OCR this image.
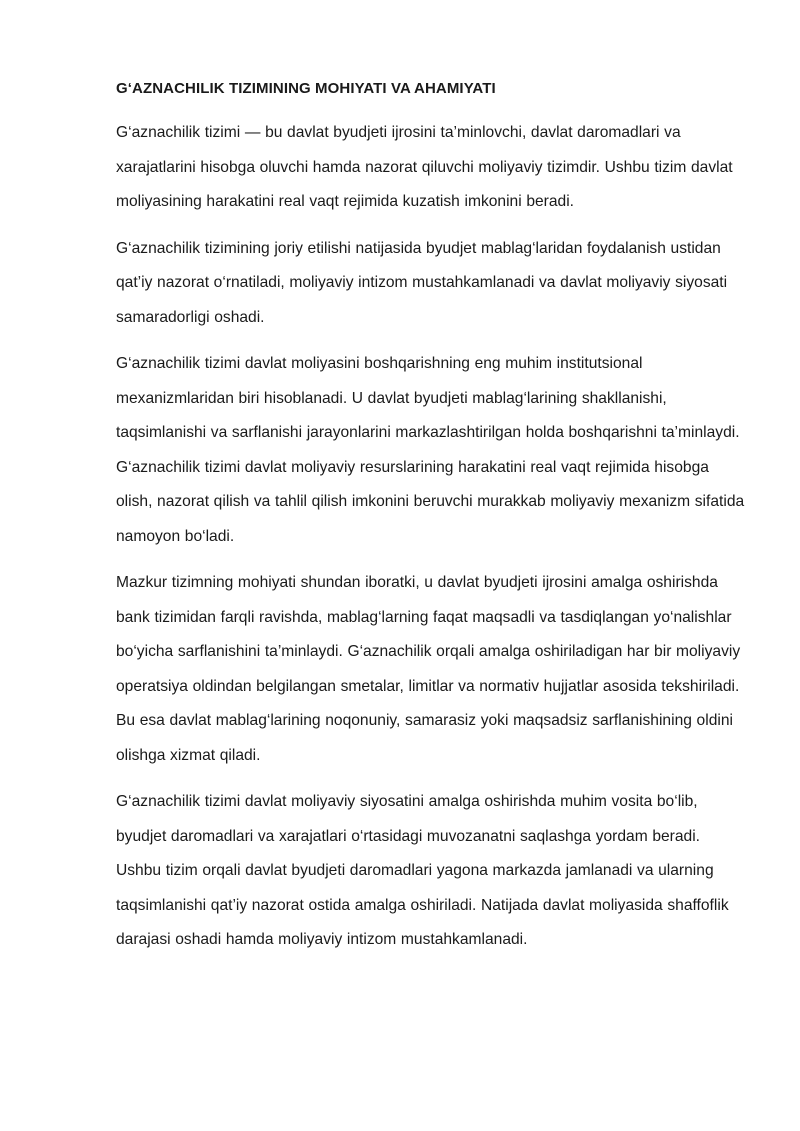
G‘AZNACHILIK TIZIMINING MOHIYATI VA AHAMIYATI

G‘aznachilik tizimi — bu davlat byudjeti ijrosini ta’minlovchi, davlat daromadlari va xarajatlarini hisobga oluvchi hamda nazorat qiluvchi moliyaviy tizimdir. Ushbu tizim davlat moliyasining harakatini real vaqt rejimida kuzatish imkonini beradi.

G‘aznachilik tizimining joriy etilishi natijasida byudjet mablag‘laridan foydalanish ustidan qat’iy nazorat o‘rnatiladi, moliyaviy intizom mustahkamlanadi va davlat moliyaviy siyosati samaradorligi oshadi.

G‘aznachilik tizimi davlat moliyasini boshqarishning eng muhim institutsional mexanizmlaridan biri hisoblanadi. U davlat byudjeti mablag‘larining shakllanishi, taqsimlanishi va sarflanishi jarayonlarini markazlashtirilgan holda boshqarishni ta’minlaydi. G‘aznachilik tizimi davlat moliyaviy resurslarining harakatini real vaqt rejimida hisobga olish, nazorat qilish va tahlil qilish imkonini beruvchi murakkab moliyaviy mexanizm sifatida namoyon bo‘ladi.

Mazkur tizimning mohiyati shundan iboratki, u davlat byudjeti ijrosini amalga oshirishda bank tizimidan farqli ravishda, mablag‘larning faqat maqsadli va tasdiqlangan yo‘nalishlar bo‘yicha sarflanishini ta’minlaydi. G‘aznachilik orqali amalga oshiriladigan har bir moliyaviy operatsiya oldindan belgilangan smetalar, limitlar va normativ hujjatlar asosida tekshiriladi. Bu esa davlat mablag‘larining noqonuniy, samarasiz yoki maqsadsiz sarflanishining oldini olishga xizmat qiladi.

G‘aznachilik tizimi davlat moliyaviy siyosatini amalga oshirishda muhim vosita bo‘lib, byudjet daromadlari va xarajatlari o‘rtasidagi muvozanatni saqlashga yordam beradi. Ushbu tizim orqali davlat byudjeti daromadlari yagona markazda jamlanadi va ularning taqsimlanishi qat’iy nazorat ostida amalga oshiriladi. Natijada davlat moliyasida shaffoflik darajasi oshadi hamda moliyaviy intizom mustahkamlanadi.
